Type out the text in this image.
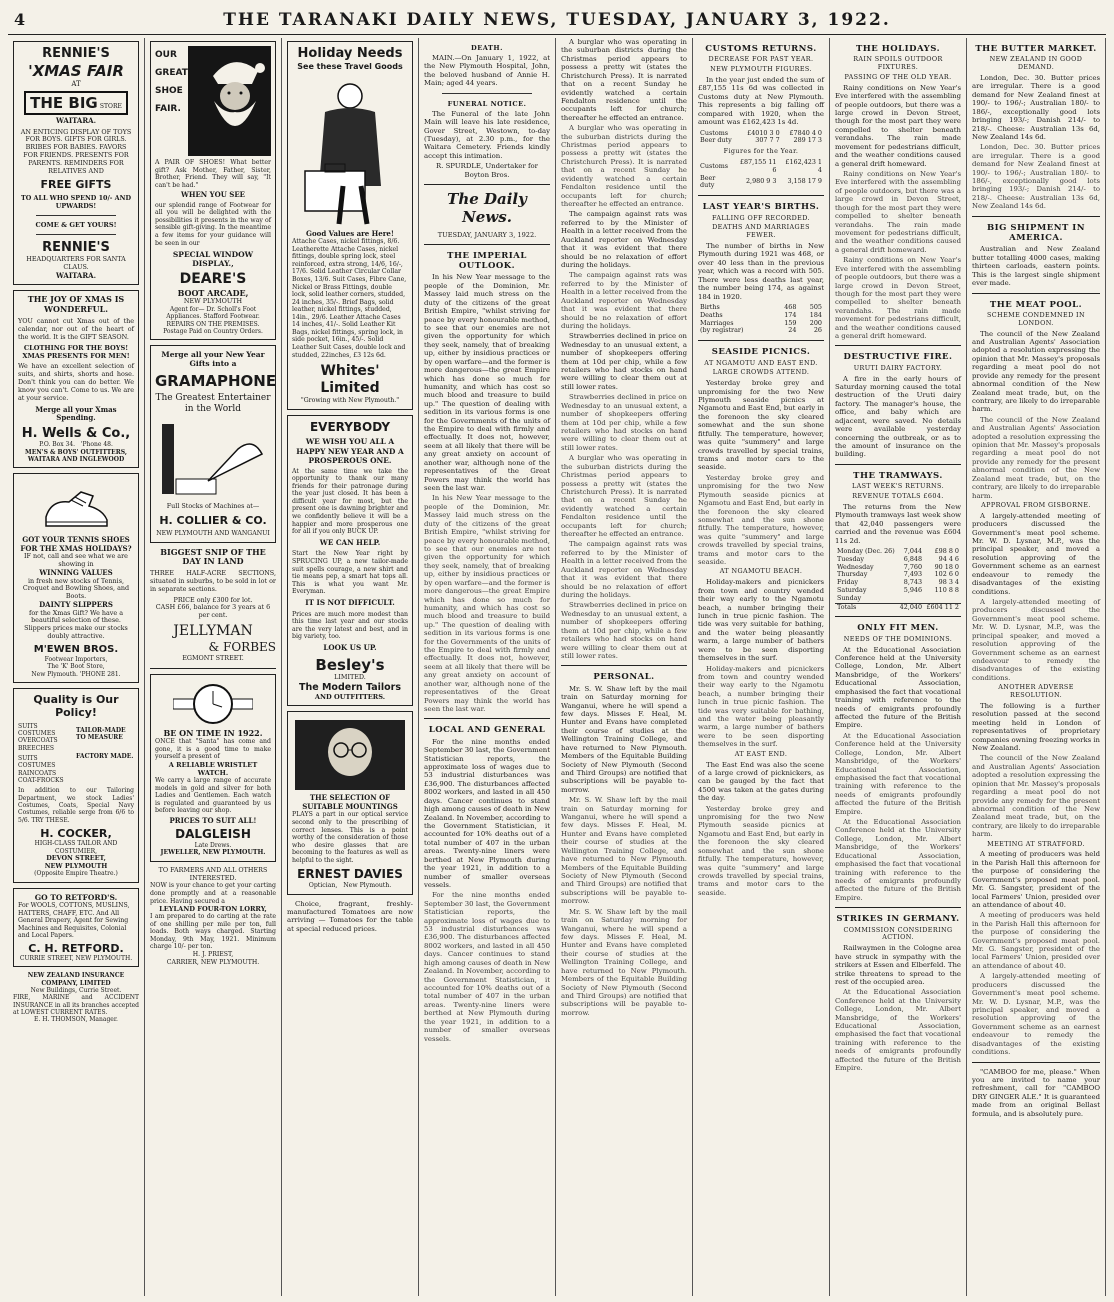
4	THE TARANAKI DAILY NEWS, TUESDAY, JANUARY 3, 1922.
RENNIE'S
'XMAS FAIR
AT
THE BIG STORE
WAITARA.
AN ENTICING DISPLAY OF TOYS FOR BOYS. GIFTS FOR GIRLS. BRIBES FOR BABIES. FAVORS FOR FRIENDS. PRESENTS FOR PARENTS. REMINDERS FOR RELATIVES AND
FREE GIFTS
TO ALL WHO SPEND 10/- AND UPWARDS!
COME & GET YOURS!
RENNIE'S
HEADQUARTERS FOR SANTA CLAUS.
WAITARA.
THE JOY OF XMAS IS WONDERFUL.
YOU cannot cut Xmas out of the calendar, nor out of the heart of the world. It is the GIFT SEASON.
CLOTHING FOR THE BOYS! XMAS PRESENTS FOR MEN!
We have an excellent selection of suits, and shirts, shorts and hose. Don't think you can do better. We know you can't. Come to us. We are at your service.
Merge all your Xmas Spending.
H. Wells & Co.,
P.O. Box 34. 'Phone 48.
MEN'S & BOYS' OUTFITTERS,
WAITARA AND INGLEWOOD
GOT YOUR TENNIS SHOES FOR THE XMAS HOLIDAYS?
IF not, call and see what we are showing in
WINNING VALUES
in fresh new stocks of Tennis, Croquet and Bowling Shoes, and Boots.
DAINTY SLIPPERS
for the Xmas Gift? We have a beautiful selection of these. Slippers prices make our stocks doubly attractive.
M'EWEN BROS.
Footwear Importers,
The 'K' Boot Store,
New Plymouth. 'PHONE 281.
Quality is Our Policy!
SUITS
COSTUMES
OVERCOATS
BREECHES
SUITS
COSTUMES
RAINCOATS
COAT-FROCKS
TAILOR-MADE TO MEASURE
FACTORY MADE.
In addition to our Tailoring Department, we stock Ladies' Costumes, Coats, Special Navy Costumes, reliable serge from 6/6 to 5/6. TRY THESE.
H. COCKER,
HIGH-CLASS TAILOR AND COSTUMIER,
DEVON STREET,
NEW PLYMOUTH
(Opposite Empire Theatre.)
GO TO RETFORD'S.
For WOOLS, COTTONS, MUSLINS, HATTERS, CHAFF, ETC. And All General Drapery, Agent for Sewing Machines and Requisites, Colonial and Local Papers.
C. H. RETFORD.
CURRIE STREET, NEW PLYMOUTH.
NEW ZEALAND INSURANCE COMPANY, LIMITED
New Buildings, Currie Street.
FIRE, MARINE and ACCIDENT INSURANCE in all its branches accepted at LOWEST CURRENT RATES.
E. H. THOMSON, Manager.
OUR
GREAT
SHOE
FAIR.
A PAIR OF SHOES! What better gift? Ask Mother, Father, Sister, Brother, Friend. They will say, "It can't be had."
WHEN YOU SEE
our splendid range of Footwear for all you will be delighted with the possibilities it presents in the way of sensible gift-giving. In the meantime a few items for your guidance will be seen in our
SPECIAL WINDOW DISPLAY.,
DEARE'S
BOOT ARCADE,
NEW PLYMOUTH
Agent for— Dr. Scholl's Foot Appliances. Stafford Footwear.
REPAIRS ON THE PREMISES. Postage Paid on Country Orders.
Merge all your New Year Gifts into a
GRAMAPHONE
The Greatest Entertainer in the World
Full Stocks of Machines at—
H. COLLIER & CO.
NEW PLYMOUTH AND WANGANUI
BIGGEST SNIP OF THE DAY IN LAND
THREE HALF-ACRE SECTIONS, situated in suburbs, to be sold in lot or in separate sections.
PRICE only £300 for lot.
CASH £66, balance for 3 years at 6 per cent.
JELLYMAN
& FORBES
EGMONT STREET.
BE ON TIME IN 1922.
ONCE that "Santa" has come and gone, it is a good time to make yourself a present of
A RELIABLE WRISTLET WATCH.
We carry a large range of accurate models in gold and silver for both Ladies and Gentlemen. Each watch is regulated and guaranteed by us before leaving our shop.
PRICES TO SUIT ALL!
DALGLEISH
Late Drews.
JEWELLER, NEW PLYMOUTH.
TO FARMERS AND ALL OTHERS INTERESTED.
NOW is your chance to get your carting done promptly and at a reasonable price. Having secured a
LEYLAND FOUR-TON LORRY,
I am prepared to do carting at the rate of one shilling per mile per ton, full loads. Both ways charged. Starting Monday, 9th May, 1921. Minimum charge 10/- per ton.
H. J. PRIEST,
CARRIER, NEW PLYMOUTH.
Holiday Needs
See these Travel Goods
Good Values are Here!
Attache Cases, nickel fittings, 8/6. Leatherette Attache Cases, nickel fittings, double spring lock, steel reinforced, extra strong, 14/6, 16/-, 17/6. Solid Leather Circular Collar Boxes, 13/6. Suit Cases, Fibre Cane, Nickel or Brass Fittings, double lock, solid leather corners, studded, 24 inches, 35/-. Brief Bags, solid leather, nickel fittings, studded, 14in., 29/6. Leather Attache Cases 14 inches, 41/-. Solid Leather Kit Bags, nickel fittings, spring lock, in side pocket, 16in., 45/-. Solid Leather Suit Cases, double lock and studded, 22inches, £3 12s 6d.
Whites' Limited
"Growing with New Plymouth."
EVERYBODY
WE WISH YOU ALL A HAPPY NEW YEAR AND A PROSPEROUS ONE.
At the same time we take the opportunity to thank our many friends for their patronage during the year just closed. It has been a difficult year for most, but the present one is dawning brighter and we confidently believe it will be a happier and more prosperous one for all if you only BUCK UP.
WE CAN HELP.
Start the New Year right by SPRUCING UP, a new tailor-made suit spells courage, a new shirt and tie means pep, a smart hat tops all. This is what you want Mr. Everyman.
IT IS NOT DIFFICULT.
Prices are much more modest than this time last year and our stocks are the very latest and best, and in big variety, too.
LOOK US UP.
Besley's
LIMITED.
The Modern Tailors
AND OUTFITTERS.
THE SELECTION OF SUITABLE MOUNTINGS
PLAYS a part in our optical service second only to the prescribing of correct lenses. This is a point worthy of the consideration of those who desire glasses that are becoming to the features as well as helpful to the sight.
ERNEST DAVIES
Optician, New Plymouth.

Choice, fragrant, freshly-manufactured Tomatoes are now arriving — Tomatoes for the table at special reduced prices.

DEATH.

MAIN.—On January 1, 1922, at the New Plymouth Hospital, John, the beloved husband of Annie H. Main; aged 44 years.

FUNERAL NOTICE.

The Funeral of the late John Main will leave his late residence, Gover Street, Westown, to-day (Tuesday), at 2.30 p.m., for the Waitara Cemetery. Friends kindly accept this intimation.

R. SPURDLE, Undertaker for Boyton Bros.
The Daily News.
TUESDAY, JANUARY 3, 1922.
THE IMPERIAL OUTLOOK.

In his New Year message to the people of the Dominion, Mr. Massey laid much stress on the duty of the citizens of the great British Empire, "whilst striving for peace by every honourable method, to see that our enemies are not given the opportunity for which they seek, namely, that of breaking up, either by insidious practices or by open warfare—and the former is more dangerous—the great Empire which has done so much for humanity, and which has cost so much blood and treasure to build up." The question of dealing with sedition in its various forms is one for the Governments of the units of the Empire to deal with firmly and effectually. It does not, however, seem at all likely that there will be any great anxiety on account of another war, although none of the representatives of the Great Powers may think the world has seen the last war.

In his New Year message to the people of the Dominion, Mr. Massey laid much stress on the duty of the citizens of the great British Empire, "whilst striving for peace by every honourable method, to see that our enemies are not given the opportunity for which they seek, namely, that of breaking up, either by insidious practices or by open warfare—and the former is more dangerous—the great Empire which has done so much for humanity, and which has cost so much blood and treasure to build up." The question of dealing with sedition in its various forms is one for the Governments of the units of the Empire to deal with firmly and effectually. It does not, however, seem at all likely that there will be any great anxiety on account of another war, although none of the representatives of the Great Powers may think the world has seen the last war.

LOCAL AND GENERAL

For the nine months ended September 30 last, the Government Statistician reports, the approximate loss of wages due to 53 industrial disturbances was £36,900. The disturbances affected 8002 workers, and lasted in all 450 days. Cancer continues to stand high among causes of death in New Zealand. In November, according to the Government Statistician, it accounted for 10% deaths out of a total number of 407 in the urban areas. Twenty-nine liners were berthed at New Plymouth during the year 1921, in addition to a number of smaller overseas vessels.

For the nine months ended September 30 last, the Government Statistician reports, the approximate loss of wages due to 53 industrial disturbances was £36,900. The disturbances affected 8002 workers, and lasted in all 450 days. Cancer continues to stand high among causes of death in New Zealand. In November, according to the Government Statistician, it accounted for 10% deaths out of a total number of 407 in the urban areas. Twenty-nine liners were berthed at New Plymouth during the year 1921, in addition to a number of smaller overseas vessels.

A burglar who was operating in the suburban districts during the Christmas period appears to possess a pretty wit (states the Christchurch Press). It is narrated that on a recent Sunday he evidently watched a certain Fendalton residence until the occupants left for church; thereafter he effected an entrance.

A burglar who was operating in the suburban districts during the Christmas period appears to possess a pretty wit (states the Christchurch Press). It is narrated that on a recent Sunday he evidently watched a certain Fendalton residence until the occupants left for church; thereafter he effected an entrance.

The campaign against rats was referred to by the Minister of Health in a letter received from the Auckland reporter on Wednesday that it was evident that there should be no relaxation of effort during the holidays.

The campaign against rats was referred to by the Minister of Health in a letter received from the Auckland reporter on Wednesday that it was evident that there should be no relaxation of effort during the holidays.

Strawberries declined in price on Wednesday to an unusual extent, a number of shopkeepers offering them at 10d per chip, while a few retailers who had stocks on hand were willing to clear them out at still lower rates.

Strawberries declined in price on Wednesday to an unusual extent, a number of shopkeepers offering them at 10d per chip, while a few retailers who had stocks on hand were willing to clear them out at still lower rates.

A burglar who was operating in the suburban districts during the Christmas period appears to possess a pretty wit (states the Christchurch Press). It is narrated that on a recent Sunday he evidently watched a certain Fendalton residence until the occupants left for church; thereafter he effected an entrance.

The campaign against rats was referred to by the Minister of Health in a letter received from the Auckland reporter on Wednesday that it was evident that there should be no relaxation of effort during the holidays.

Strawberries declined in price on Wednesday to an unusual extent, a number of shopkeepers offering them at 10d per chip, while a few retailers who had stocks on hand were willing to clear them out at still lower rates.

PERSONAL.

Mr. S. W. Shaw left by the mail train on Saturday morning for Wanganui, where he will spend a few days. Misses F. Heal, M. Hunter and Evans have completed their course of studies at the Wellington Training College, and have returned to New Plymouth. Members of the Equitable Building Society of New Plymouth (Second and Third Groups) are notified that subscriptions will be payable to-morrow.

Mr. S. W. Shaw left by the mail train on Saturday morning for Wanganui, where he will spend a few days. Misses F. Heal, M. Hunter and Evans have completed their course of studies at the Wellington Training College, and have returned to New Plymouth. Members of the Equitable Building Society of New Plymouth (Second and Third Groups) are notified that subscriptions will be payable to-morrow.

Mr. S. W. Shaw left by the mail train on Saturday morning for Wanganui, where he will spend a few days. Misses F. Heal, M. Hunter and Evans have completed their course of studies at the Wellington Training College, and have returned to New Plymouth. Members of the Equitable Building Society of New Plymouth (Second and Third Groups) are notified that subscriptions will be payable to-morrow.

CUSTOMS RETURNS.
DECREASE FOR PAST YEAR.
NEW PLYMOUTH FIGURES.

In the year just ended the sum of £87,155 11s 6d was collected in Customs duty at New Plymouth. This represents a big falling off compared with 1920, when the amount was £162,423 1s 4d.

Customs	£4010 3 0	£7840 4 0
Beer duty	307 7 7	289 17 3
Figures for the Year.
Customs	£87,155 11 6	£162,423 1 4
Beer duty	2,980 9 3	3,158 17 9
LAST YEAR'S BIRTHS.
FALLING OFF RECORDED.
DEATHS AND MARRIAGES FEWER.

The number of births in New Plymouth during 1921 was 468, or over 40 less than in the previous year, which was a record with 505. There were less deaths last year, the number being 174, as against 184 in 1920.

Births	468	505
Deaths	174	184
Marriages	159	200
(by registrar)	24	26
SEASIDE PICNICS.
AT NGAMOTU AND EAST END.
LARGE CROWDS ATTEND.

Yesterday broke grey and unpromising for the two New Plymouth seaside picnics at Ngamotu and East End, but early in the forenoon the sky cleared somewhat and the sun shone fitfully. The temperature, however, was quite "summery" and large crowds travelled by special trains, trams and motor cars to the seaside.

Yesterday broke grey and unpromising for the two New Plymouth seaside picnics at Ngamotu and East End, but early in the forenoon the sky cleared somewhat and the sun shone fitfully. The temperature, however, was quite "summery" and large crowds travelled by special trains, trams and motor cars to the seaside.

AT NGAMOTU BEACH.

Holiday-makers and picnickers from town and country wended their way early to the Ngamotu beach, a number bringing their lunch in true picnic fashion. The tide was very suitable for bathing, and the water being pleasantly warm, a large number of bathers were to be seen disporting themselves in the surf.

Holiday-makers and picnickers from town and country wended their way early to the Ngamotu beach, a number bringing their lunch in true picnic fashion. The tide was very suitable for bathing, and the water being pleasantly warm, a large number of bathers were to be seen disporting themselves in the surf.

AT EAST END.

The East End was also the scene of a large crowd of picknickers, as can be gauged by the fact that 4500 was taken at the gates during the day.

Yesterday broke grey and unpromising for the two New Plymouth seaside picnics at Ngamotu and East End, but early in the forenoon the sky cleared somewhat and the sun shone fitfully. The temperature, however, was quite "summery" and large crowds travelled by special trains, trams and motor cars to the seaside.

THE HOLIDAYS.
RAIN SPOILS OUTDOOR FIXTURES.
PASSING OF THE OLD YEAR.

Rainy conditions on New Year's Eve interfered with the assembling of people outdoors, but there was a large crowd in Devon Street, though for the most part they were compelled to shelter beneath verandahs. The rain made movement for pedestrians difficult, and the weather conditions caused a general drift homeward.

Rainy conditions on New Year's Eve interfered with the assembling of people outdoors, but there was a large crowd in Devon Street, though for the most part they were compelled to shelter beneath verandahs. The rain made movement for pedestrians difficult, and the weather conditions caused a general drift homeward.

Rainy conditions on New Year's Eve interfered with the assembling of people outdoors, but there was a large crowd in Devon Street, though for the most part they were compelled to shelter beneath verandahs. The rain made movement for pedestrians difficult, and the weather conditions caused a general drift homeward.

DESTRUCTIVE FIRE.
URUTI DAIRY FACTORY.

A fire in the early hours of Saturday morning caused the total destruction of the Uruti dairy factory. The manager's house, the office, and baby which are adjacent, were saved. No details were available yesterday concerning the outbreak, or as to the amount of insurance on the building.

THE TRAMWAYS.
LAST WEEK'S RETURNS.
REVENUE TOTALS £604.

The returns from the New Plymouth tramways last week show that 42,040 passengers were carried and the revenue was £604 11s 2d.

Monday (Dec. 26)	7,044	£98 8 0
Tuesday	6,848	94 4 6
Wednesday	7,760	90 18 0
Thursday	7,493	102 6 0
Friday	8,743	98 3 4
Saturday	5,946	110 8 8
Sunday		
Totals	42,040	£604 11 2
ONLY FIT MEN.
NEEDS OF THE DOMINIONS.

At the Educational Association Conference held at the University College, London, Mr. Albert Mansbridge, of the Workers' Educational Association, emphasised the fact that vocational training with reference to the needs of emigrants profoundly affected the future of the British Empire.

At the Educational Association Conference held at the University College, London, Mr. Albert Mansbridge, of the Workers' Educational Association, emphasised the fact that vocational training with reference to the needs of emigrants profoundly affected the future of the British Empire.

At the Educational Association Conference held at the University College, London, Mr. Albert Mansbridge, of the Workers' Educational Association, emphasised the fact that vocational training with reference to the needs of emigrants profoundly affected the future of the British Empire.

STRIKES IN GERMANY.
COMMISSION CONSIDERING ACTION.

Railwaymen in the Cologne area have struck in sympathy with the strikers at Essen and Elberfeld. The strike threatens to spread to the rest of the occupied area.

At the Educational Association Conference held at the University College, London, Mr. Albert Mansbridge, of the Workers' Educational Association, emphasised the fact that vocational training with reference to the needs of emigrants profoundly affected the future of the British Empire.

THE BUTTER MARKET.
NEW ZEALAND IN GOOD DEMAND.

London, Dec. 30. Butter prices are irregular. There is a good demand for New Zealand finest at 190/- to 196/-; Australian 180/- to 186/-, exceptionally good lots bringing 193/-; Danish 214/- to 218/-. Cheese: Australian 13s 6d, New Zealand 14s 6d.

London, Dec. 30. Butter prices are irregular. There is a good demand for New Zealand finest at 190/- to 196/-; Australian 180/- to 186/-, exceptionally good lots bringing 193/-; Danish 214/- to 218/-. Cheese: Australian 13s 6d, New Zealand 14s 6d.

BIG SHIPMENT IN AMERICA.

Australian and New Zealand butter totalling 4000 cases, making thirteen carloads, eastern points. This is the largest single shipment ever made.

THE MEAT POOL.
SCHEME CONDEMNED IN LONDON.

The council of the New Zealand and Australian Agents' Association adopted a resolution expressing the opinion that Mr. Massey's proposals regarding a meat pool do not provide any remedy for the present abnormal condition of the New Zealand meat trade, but, on the contrary, are likely to do irreparable harm.

The council of the New Zealand and Australian Agents' Association adopted a resolution expressing the opinion that Mr. Massey's proposals regarding a meat pool do not provide any remedy for the present abnormal condition of the New Zealand meat trade, but, on the contrary, are likely to do irreparable harm.

APPROVAL FROM GISBORNE.

A largely-attended meeting of producers discussed the Government's meat pool scheme. Mr. W. D. Lysnar, M.P., was the principal speaker, and moved a resolution approving of the Government scheme as an earnest endeavour to remedy the disadvantages of the existing conditions.

A largely-attended meeting of producers discussed the Government's meat pool scheme. Mr. W. D. Lysnar, M.P., was the principal speaker, and moved a resolution approving of the Government scheme as an earnest endeavour to remedy the disadvantages of the existing conditions.

ANOTHER ADVERSE RESOLUTION.

The following is a further resolution passed at the second meeting held in London of representatives of proprietary companies owning freezing works in New Zealand.

The council of the New Zealand and Australian Agents' Association adopted a resolution expressing the opinion that Mr. Massey's proposals regarding a meat pool do not provide any remedy for the present abnormal condition of the New Zealand meat trade, but, on the contrary, are likely to do irreparable harm.

MEETING AT STRATFORD.

A meeting of producers was held in the Parish Hall this afternoon for the purpose of considering the Government's proposed meat pool. Mr. G. Sangster, president of the local Farmers' Union, presided over an attendance of about 40.

A meeting of producers was held in the Parish Hall this afternoon for the purpose of considering the Government's proposed meat pool. Mr. G. Sangster, president of the local Farmers' Union, presided over an attendance of about 40.

A largely-attended meeting of producers discussed the Government's meat pool scheme. Mr. W. D. Lysnar, M.P., was the principal speaker, and moved a resolution approving of the Government scheme as an earnest endeavour to remedy the disadvantages of the existing conditions.

"CAMBOO for me, please." When you are invited to name your refreshment, call for "CAMBOO DRY GINGER ALE." It is guaranteed made from an original Bellast formula, and is absolutely pure.
